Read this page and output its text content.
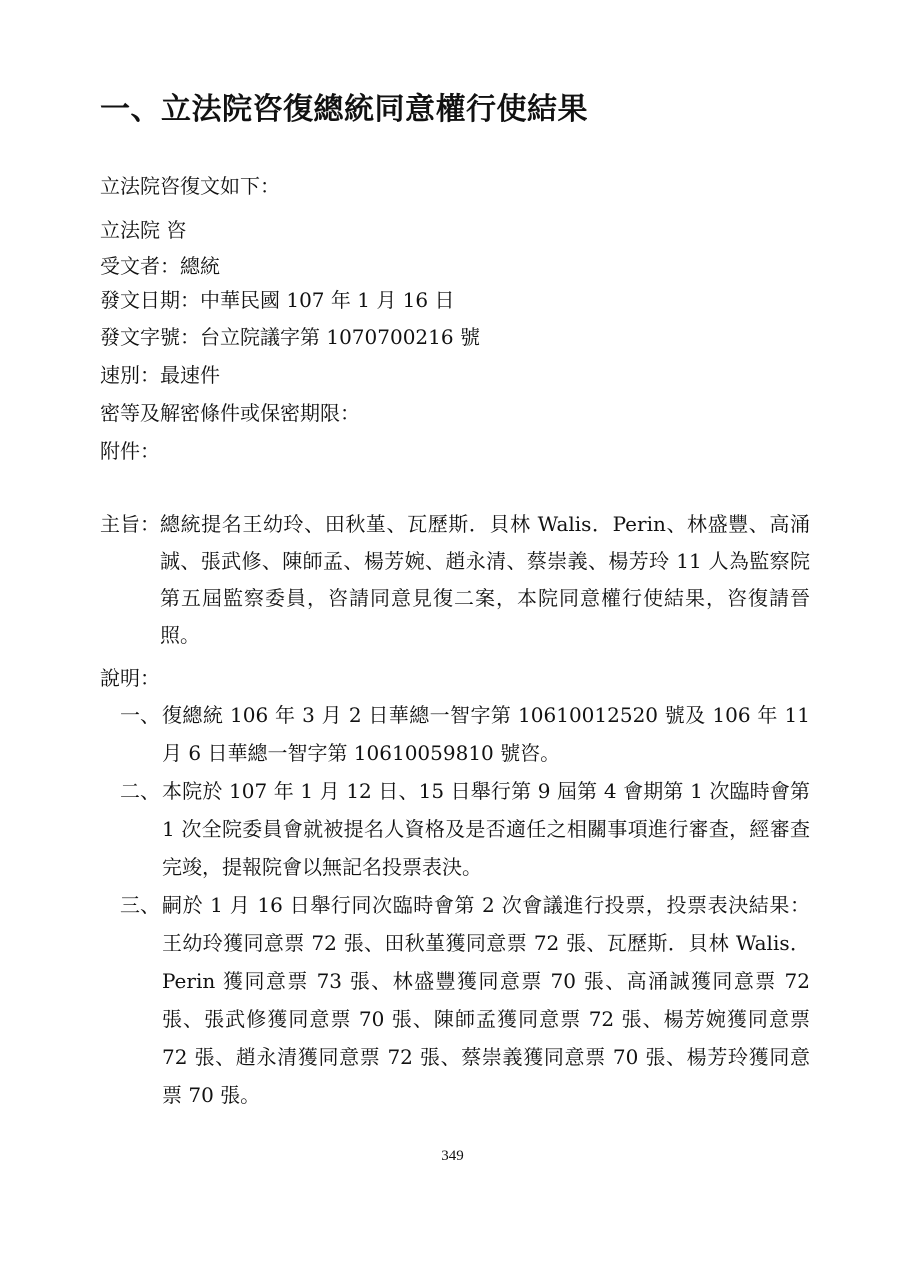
一、立法院咨復總統同意權行使結果
立法院咨復文如下：
立法院 咨
受文者：總統
發文日期：中華民國 107 年 1 月 16 日
發文字號：台立院議字第 1070700216 號
速別：最速件
密等及解密條件或保密期限：
附件：
主旨： 總統提名王幼玲、田秋堇、瓦歷斯．貝林 Walis．Perin、林盛豐、高涌誠、張武修、陳師孟、楊芳婉、趙永清、蔡崇義、楊芳玲 11 人為監察院第五屆監察委員，咨請同意見復二案，本院同意權行使結果，咨復請晉照。
說明：
一、 復總統 106 年 3 月 2 日華總一智字第 10610012520 號及 106 年 11 月 6 日華總一智字第 10610059810 號咨。
二、 本院於 107 年 1 月 12 日、15 日舉行第 9 屆第 4 會期第 1 次臨時會第 1 次全院委員會就被提名人資格及是否適任之相關事項進行審查，經審查完竣，提報院會以無記名投票表決。
三、 嗣於 1 月 16 日舉行同次臨時會第 2 次會議進行投票，投票表決結果：王幼玲獲同意票 72 張、田秋堇獲同意票 72 張、瓦歷斯．貝林 Walis．Perin 獲同意票 73 張、林盛豐獲同意票 70 張、高涌誠獲同意票 72 張、張武修獲同意票 70 張、陳師孟獲同意票 72 張、楊芳婉獲同意票 72 張、趙永清獲同意票 72 張、蔡崇義獲同意票 70 張、楊芳玲獲同意票 70 張。
349
